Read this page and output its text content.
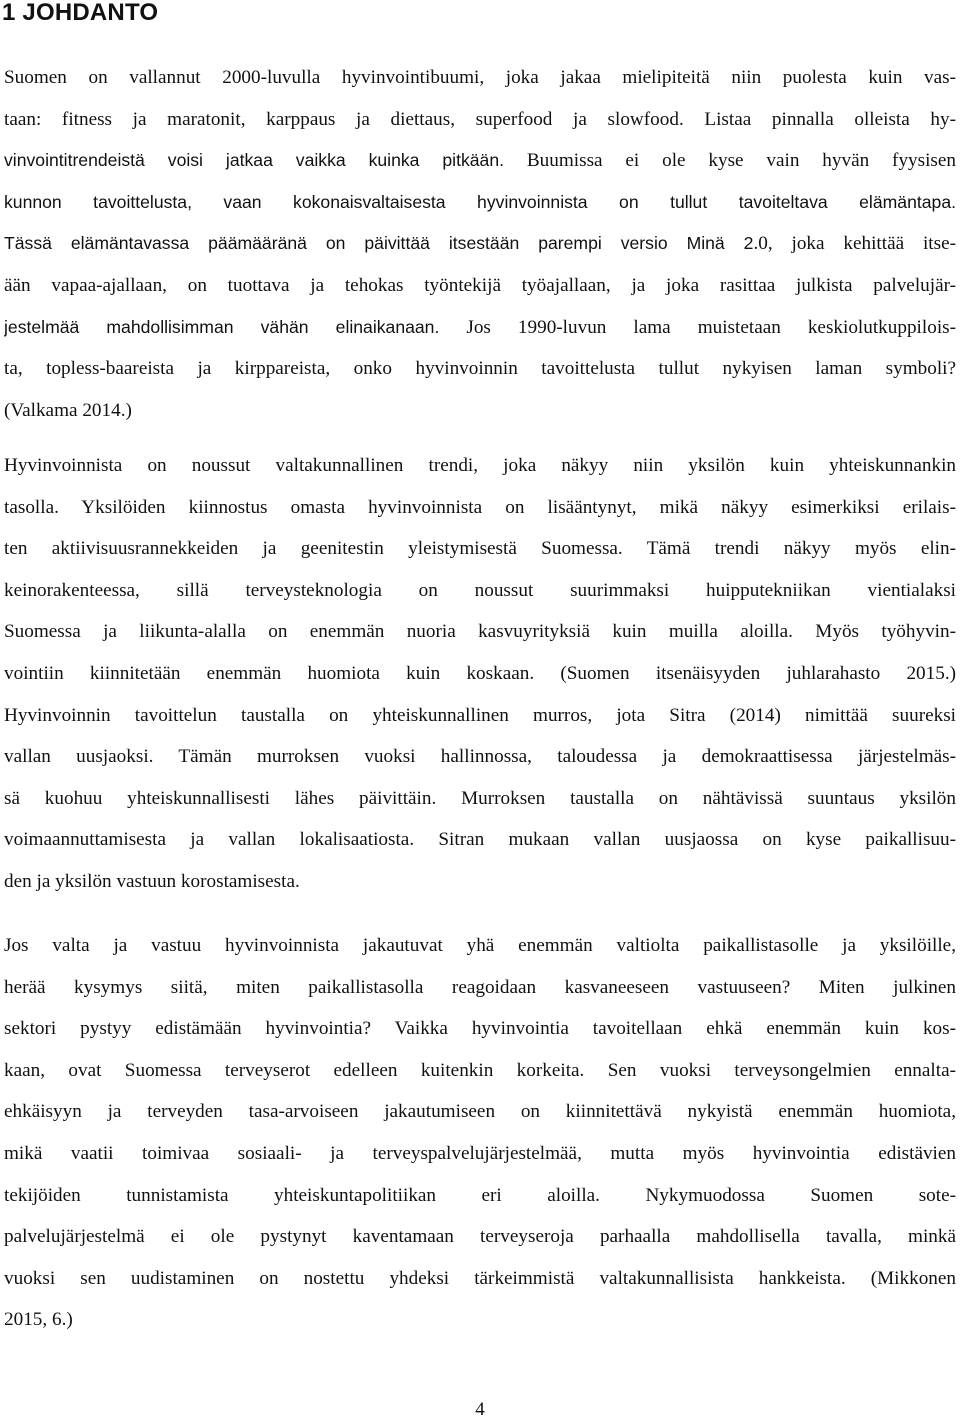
1 JOHDANTO
Suomen on vallannut 2000-luvulla hyvinvointibuumi, joka jakaa mielipiteitä niin puolesta kuin vas-
taan: fitness ja maratonit, karppaus ja diettaus, superfood ja slowfood. Listaa pinnalla olleista hy-
vinvointitrendeistä voisi jatkaa vaikka kuinka pitkään. Buumissa ei ole kyse vain hyvän fyysisen
kunnon tavoittelusta, vaan kokonaisvaltaisesta hyvinvoinnista on tullut tavoiteltava elämäntapa.
Tässä elämäntavassa päämääränä on päivittää itsestään parempi versio Minä 2.0, joka kehittää itse-
ään vapaa-ajallaan, on tuottava ja tehokas työntekijä työajallaan, ja joka rasittaa julkista palvelujär-
jestelmää mahdollisimman vähän elinaikanaan. Jos 1990-luvun lama muistetaan keskiolutkuppilois-
ta, topless-baareista ja kirppareista, onko hyvinvoinnin tavoittelusta tullut nykyisen laman symboli?
(Valkama 2014.)
Hyvinvoinnista on noussut valtakunnallinen trendi, joka näkyy niin yksilön kuin yhteiskunnankin
tasolla. Yksilöiden kiinnostus omasta hyvinvoinnista on lisääntynyt, mikä näkyy esimerkiksi erilais-
ten aktiivisuusrannekkeiden ja geenitestin yleistymisestä Suomessa. Tämä trendi näkyy myös elin-
keinorakenteessa, sillä terveysteknologia on noussut suurimmaksi huipputekniikan vientialaksi
Suomessa ja liikunta-alalla on enemmän nuoria kasvuyrityksiä kuin muilla aloilla. Myös työhyvin-
vointiin kiinnitetään enemmän huomiota kuin koskaan. (Suomen itsenäisyyden juhlarahasto 2015.)
Hyvinvoinnin tavoittelun taustalla on yhteiskunnallinen murros, jota Sitra (2014) nimittää suureksi
vallan uusjaoksi. Tämän murroksen vuoksi hallinnossa, taloudessa ja demokraattisessa järjestelmäs-
sä kuohuu yhteiskunnallisesti lähes päivittäin. Murroksen taustalla on nähtävissä suuntaus yksilön
voimaannuttamisesta ja vallan lokalisaatiosta. Sitran mukaan vallan uusjaossa on kyse paikallisuu-
den ja yksilön vastuun korostamisesta.
Jos valta ja vastuu hyvinvoinnista jakautuvat yhä enemmän valtiolta paikallistasolle ja yksilöille,
herää kysymys siitä, miten paikallistasolla reagoidaan kasvaneeseen vastuuseen? Miten julkinen
sektori pystyy edistämään hyvinvointia? Vaikka hyvinvointia tavoitellaan ehkä enemmän kuin kos-
kaan, ovat Suomessa terveyserot edelleen kuitenkin korkeita. Sen vuoksi terveysongelmien ennalta-
ehkäisyyn ja terveyden tasa-arvoiseen jakautumiseen on kiinnitettävä nykyistä enemmän huomiota,
mikä vaatii toimivaa sosiaali- ja terveyspalvelujärjestelmää, mutta myös hyvinvointia edistävien
tekijöiden tunnistamista yhteiskuntapolitiikan eri aloilla. Nykymuodossa Suomen sote-
palvelujärjestelmä ei ole pystynyt kaventamaan terveyseroja parhaalla mahdollisella tavalla, minkä
vuoksi sen uudistaminen on nostettu yhdeksi tärkeimmistä valtakunnallisista hankkeista. (Mikkonen
2015, 6.)
4
